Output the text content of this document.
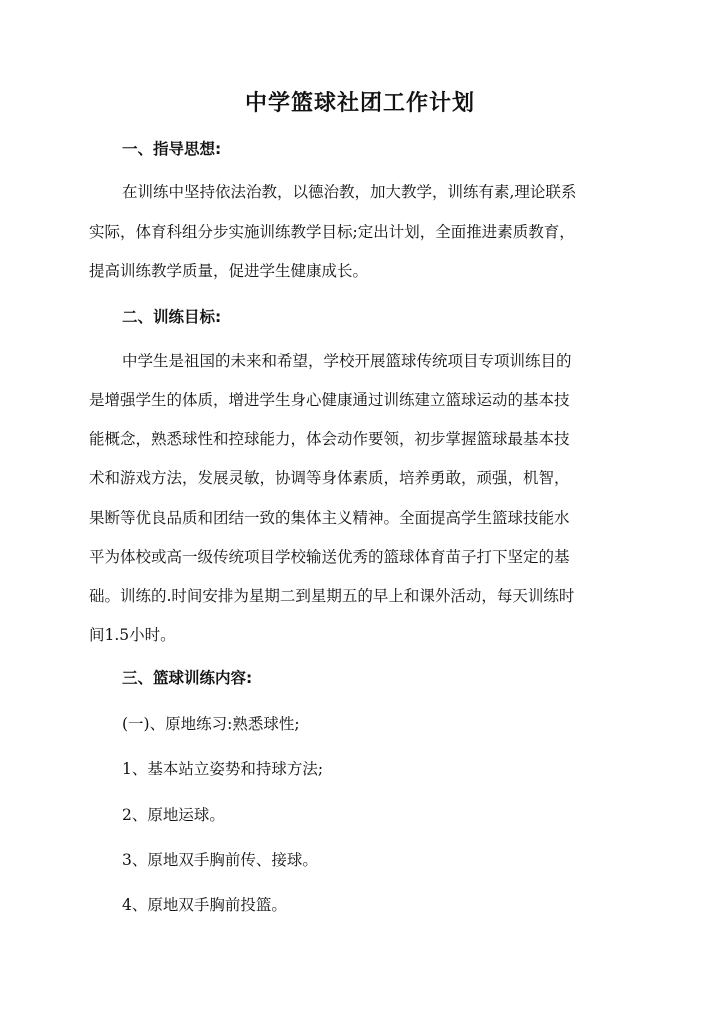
中学篮球社团工作计划
一、指导思想:
在训练中坚持依法治教，以德治教，加大教学，训练有素,理论联系
实际，体育科组分步实施训练教学目标;定出计划，全面推进素质教育，
提高训练教学质量，促进学生健康成长。
二、训练目标:
中学生是祖国的未来和希望，学校开展篮球传统项目专项训练目的
是增强学生的体质，增进学生身心健康通过训练建立篮球运动的基本技
能概念，熟悉球性和控球能力，体会动作要领，初步掌握篮球最基本技
术和游戏方法，发展灵敏，协调等身体素质，培养勇敢，顽强，机智，
果断等优良品质和团结一致的集体主义精神。全面提高学生篮球技能水
平为体校或高一级传统项目学校输送优秀的篮球体育苗子打下坚定的基
础。训练的.时间安排为星期二到星期五的早上和课外活动，每天训练时
间1.5小时。
三、篮球训练内容:
(一)、原地练习:熟悉球性;
1、基本站立姿势和持球方法;
2、原地运球。
3、原地双手胸前传、接球。
4、原地双手胸前投篮。
